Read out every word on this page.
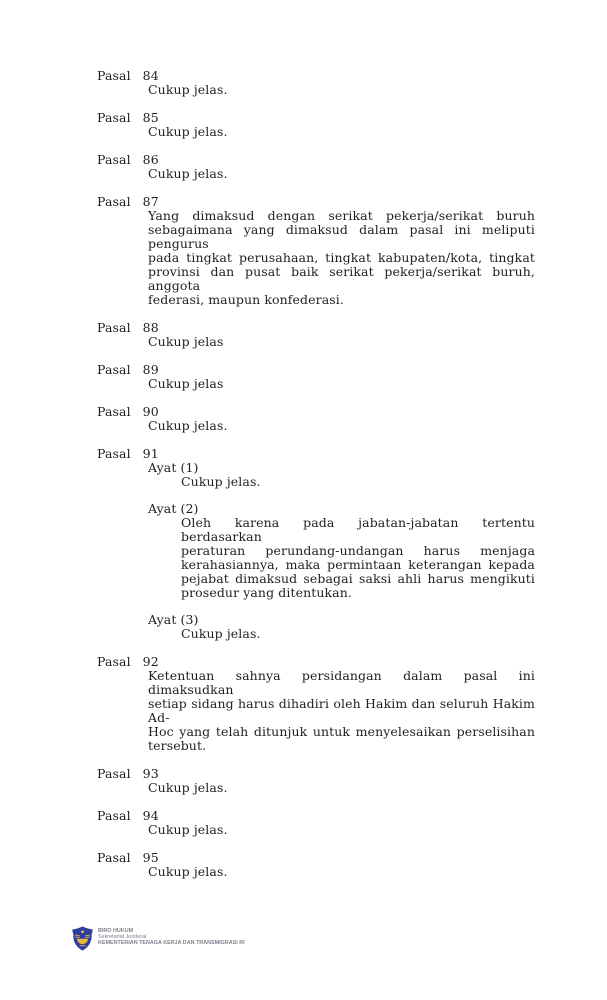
Pasal 84
Cukup jelas.
Pasal 85
Cukup jelas.
Pasal 86
Cukup jelas.
Pasal 87
Yang dimaksud dengan serikat pekerja/serikat buruh
sebagaimana yang dimaksud dalam pasal ini meliputi pengurus
pada tingkat perusahaan, tingkat kabupaten/kota, tingkat
provinsi dan pusat baik serikat pekerja/serikat buruh, anggota
federasi, maupun konfederasi.
Pasal 88
Cukup jelas
Pasal 89
Cukup jelas
Pasal 90
Cukup jelas.
Pasal 91
Ayat (1)
Cukup jelas.
Ayat (2)
Oleh karena pada jabatan-jabatan tertentu berdasarkan
peraturan perundang-undangan harus menjaga
kerahasiannya, maka permintaan keterangan kepada
pejabat dimaksud sebagai saksi ahli harus mengikuti
prosedur yang ditentukan.
Ayat (3)
Cukup jelas.
Pasal 92
Ketentuan sahnya persidangan dalam pasal ini dimaksudkan
setiap sidang harus dihadiri oleh Hakim dan seluruh Hakim Ad-
Hoc yang telah ditunjuk untuk menyelesaikan perselisihan
tersebut.
Pasal 93
Cukup jelas.
Pasal 94
Cukup jelas.
Pasal 95
Cukup jelas.
BIRO HUKUM
Sekretariat Jenderal
KEMENTERIAN TENAGA KERJA DAN TRANSMIGRASI RI
